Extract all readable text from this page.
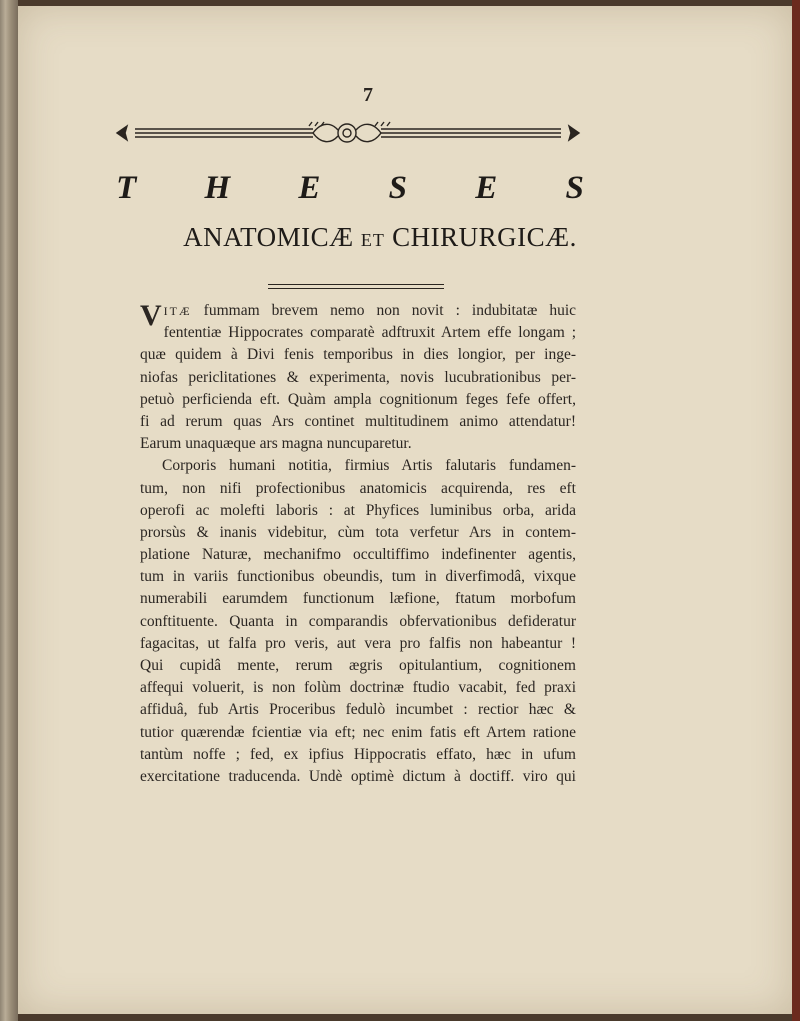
7
T H E S E S
ANATOMICÆ ET CHIRURGICÆ.
VITÆ fummam brevem nemo non novit : indubitatæ huic
fententiæ Hippocrates comparatè adftruxit Artem effe longam ;
quæ quidem à Divi fenis temporibus in dies longior, per inge-
niofas periclitationes & experimenta, novis lucubrationibus per-
petuò perficienda eft. Quàm ampla cognitionum feges fefe offert,
fi ad rerum quas Ars continet multitudinem animo attendatur!
Earum unaquæque ars magna nuncuparetur.
Corporis humani notitia, firmius Artis falutaris fundamen-
tum, non nifi profectionibus anatomicis acquirenda, res eft
operofi ac molefti laboris : at Phyfices luminibus orba, arida
prorsùs & inanis videbitur, cùm tota verfetur Ars in contem-
platione Naturæ, mechanifmo occultiffimo indefinenter agentis,
tum in variis functionibus obeundis, tum in diverfimodâ, vixque
numerabili earumdem functionum læfione, ftatum morbofum
conftituente. Quanta in comparandis obfervationibus defideratur
fagacitas, ut falfa pro veris, aut vera pro falfis non habeantur !
Qui cupidâ mente, rerum ægris opitulantium, cognitionem
affequi voluerit, is non folùm doctrinæ ftudio vacabit, fed praxi
affiduâ, fub Artis Proceribus fedulò incumbet : rectior hæc &
tutior quærendæ fcientiæ via eft; nec enim fatis eft Artem ratione
tantùm noffe ; fed, ex ipfius Hippocratis effato, hæc in ufum
exercitatione traducenda. Undè optimè dictum à doctiff. viro qui
